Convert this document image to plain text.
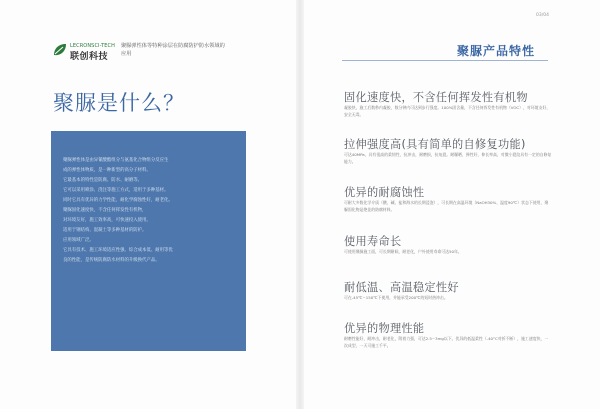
LECRONSCI-TECH
联创科技
聚脲弹性体等特种涂层在防腐防护防水领域的应用
聚脲是什么？
聚脲弹性体是由异氰酸酯组分与氨基化合物组分反应生
成的弹性体物质，是一种新型的高分子材料。
它最基本的特性是防腐、防水、耐磨等。
它可以采用喷涂、浇注等施工方式，适用于多种基材。
同时它具有优异的力学性能，耐化学腐蚀性好，耐老化。
聚脲固化速度快，不含任何挥发性有机物，
对环境友好，施工效率高，可快速投入使用。
适用于钢结构、混凝土等多种基材的防护。
应用领域广泛。
它具有技术、施工环境适应性强、综合成本低、耐用等优
良的性能，是传统防腐防水材料的升级换代产品。
03/04
聚脲产品特性
固化速度快，不含任何挥发性有机物
凝胶快，施工后数秒内凝胶，数分钟内可达到步行强度。100%固含量，不含任何挥发性有机物（VOC），对环境友好，安全无毒。
拉伸强度高(具有简单的自修复功能)
可达40MPa，具有很高的柔韧性，抗冲击，耐磨损，抗龟裂。耐曝晒，弹性好，伸长率高，对微小裂纹具有一定的自修复能力。
优异的耐腐蚀性
可耐大多数化学介质（酸、碱、盐和海水的长期浸泡），可长期在高温环境（NaOH30%、温度90℃）状态下使用，聚脲固化物是绝佳的防腐材料。
使用寿命长
可使用聚脲施工面，可长期耐候、耐老化，户外使用寿命可达50年。
耐低温、高温稳定性好
可在-45℃~150℃下使用，并能承受200℃的短时热冲击。
优异的物理性能
耐磨性能好，耐冲击，耐老化，附着力强，可达2.5~3mg以下。优异的低温柔性（-40°C对折不断），施工速度快，一次成型，一天可施工千平。
